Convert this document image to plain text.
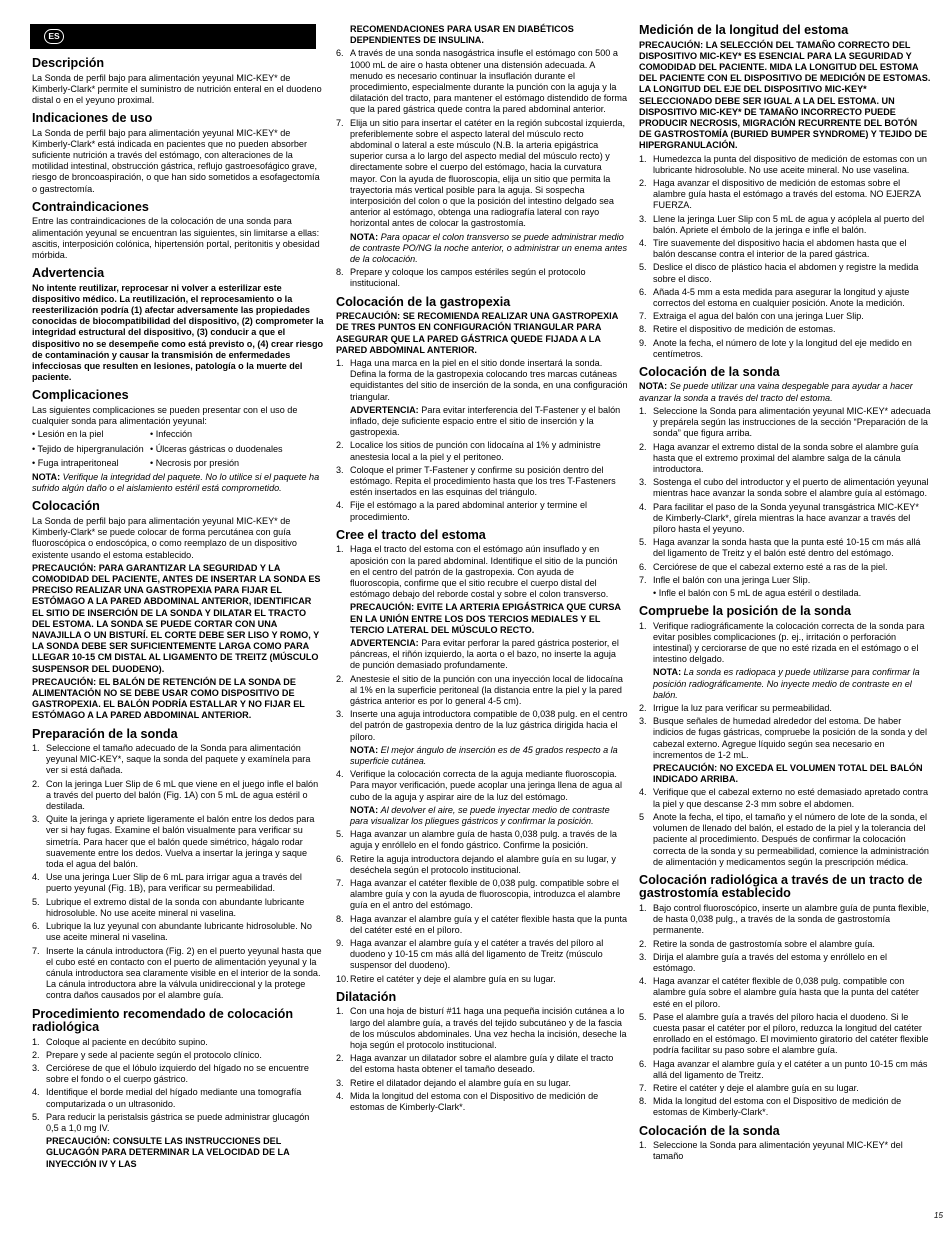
ES
Descripción

La Sonda de perfil bajo para alimentación yeyunal MIC-KEY* de Kimberly-Clark* permite el suministro de nutrición enteral en el duodeno distal o en el yeyuno proximal.

Indicaciones de uso

La Sonda de perfil bajo para alimentación yeyunal MIC-KEY* de Kimberly-Clark* está indicada en pacientes que no pueden absorber suficiente nutrición a través del estómago, con alteraciones de la motilidad intestinal, obstrucción gástrica, reflujo gastroesofágico grave, riesgo de broncoaspiración, o que han sido sometidos a esofagectomía o gastrectomía.

Contraindicaciones

Entre las contraindicaciones de la colocación de una sonda para alimentación yeyunal se encuentran las siguientes, sin limitarse a ellas: ascitis, interposición colónica, hipertensión portal, peritonitis y obesidad mórbida.

Advertencia

No intente reutilizar, reprocesar ni volver a esterilizar este dispositivo médico. La reutilización, el reprocesamiento o la reesterilización podría (1) afectar adversamente las propiedades conocidas de biocompatibilidad del dispositivo, (2) comprometer la integridad estructural del dispositivo, (3) conducir a que el dispositivo no se desempeñe como está previsto o, (4) crear riesgo de contaminación y causar la transmisión de enfermedades infecciosas que resulten en lesiones, patología o la muerte del paciente.

Complicaciones

Las siguientes complicaciones se pueden presentar con el uso de cualquier sonda para alimentación yeyunal:

• Lesión en la piel	• Infección
• Tejido de hipergranulación	• Úlceras gástricas o duodenales
• Fuga intraperitoneal	• Necrosis por presión

NOTA: Verifique la integridad del paquete. No lo utilice si el paquete ha sufrido algún daño o el aislamiento estéril está comprometido.

Colocación

La Sonda de perfil bajo para alimentación yeyunal MIC-KEY* de Kimberly-Clark* se puede colocar de forma percutánea con guía fluoroscópica o endoscópica, o como reemplazo de un dispositivo existente usando el estoma establecido.

PRECAUCIÓN: PARA GARANTIZAR LA SEGURIDAD Y LA COMODIDAD DEL PACIENTE, ANTES DE INSERTAR LA SONDA ES PRECISO REALIZAR UNA GASTROPEXIA PARA FIJAR EL ESTÓMAGO A LA PARED ABDOMINAL ANTERIOR, IDENTIFICAR EL SITIO DE INSERCIÓN DE LA SONDA Y DILATAR EL TRACTO DEL ESTOMA. LA SONDA SE PUEDE CORTAR CON UNA NAVAJILLA O UN BISTURÍ. EL CORTE DEBE SER LISO Y ROMO, Y LA SONDA DEBE SER SUFICIENTEMENTE LARGA COMO PARA LLEGAR 10-15 CM DISTAL AL LIGAMENTO DE TREITZ (MÚSCULO SUSPENSOR DEL DUODENO).

PRECAUCIÓN: EL BALÓN DE RETENCIÓN DE LA SONDA DE ALIMENTACIÓN NO SE DEBE USAR COMO DISPOSITIVO DE GASTROPEXIA. EL BALÓN PODRÍA ESTALLAR Y NO FIJAR EL ESTÓMAGO A LA PARED ABDOMINAL ANTERIOR.

Preparación de la sonda
1. Seleccione el tamaño adecuado de la Sonda para alimentación yeyunal MIC-KEY*, saque la sonda del paquete y examínela para ver si está dañada.
2. Con la jeringa Luer Slip de 6 mL que viene en el juego infle el balón a través del puerto del balón (Fig. 1A) con 5 mL de agua estéril o destilada.
3. Quite la jeringa y apriete ligeramente el balón entre los dedos para ver si hay fugas. Examine el balón visualmente para verificar su simetría. Para hacer que el balón quede simétrico, hágalo rodar suavemente entre los dedos. Vuelva a insertar la jeringa y saque toda el agua del balón.
4. Use una jeringa Luer Slip de 6 mL para irrigar agua a través del puerto yeyunal (Fig. 1B), para verificar su permeabilidad.
5. Lubrique el extremo distal de la sonda con abundante lubricante hidrosoluble. No use aceite mineral ni vaselina.
6. Lubrique la luz yeyunal con abundante lubricante hidrosoluble. No use aceite mineral ni vaselina.
7. Inserte la cánula introductora (Fig. 2) en el puerto yeyunal hasta que el cubo esté en contacto con el puerto de alimentación yeyunal y la cánula introductora sea claramente visible en el interior de la sonda. La cánula introductora abre la válvula unidireccional y la protege contra daños causados por el alambre guía.
Procedimiento recomendado de colocación radiológica
1. Coloque al paciente en decúbito supino.
2. Prepare y sede al paciente según el protocolo clínico.
3. Cerciórese de que el lóbulo izquierdo del hígado no se encuentre sobre el fondo o el cuerpo gástrico.
4. Identifique el borde medial del hígado mediante una tomografía computarizada o un ultrasonido.
5. Para reducir la peristalsis gástrica se puede administrar glucagón 0,5 a 1,0 mg IV.

PRECAUCIÓN: CONSULTE LAS INSTRUCCIONES DEL GLUCAGÓN PARA DETERMINAR LA VELOCIDAD DE LA INYECCIÓN IV Y LAS

RECOMENDACIONES PARA USAR EN DIABÉTICOS DEPENDIENTES DE INSULINA.

6. A través de una sonda nasogástrica insufle el estómago con 500 a 1000 mL de aire o hasta obtener una distensión adecuada. A menudo es necesario continuar la insuflación durante el procedimiento, especialmente durante la punción con la aguja y la dilatación del tracto, para mantener el estómago distendido de forma que la pared gástrica quede contra la pared abdominal anterior.
7. Elija un sitio para insertar el catéter en la región subcostal izquierda, preferiblemente sobre el aspecto lateral del músculo recto abdominal o lateral a este músculo (N.B. la arteria epigástrica superior cursa a lo largo del aspecto medial del músculo recto) y directamente sobre el cuerpo del estómago, hacia la curvatura mayor. Con la ayuda de fluoroscopia, elija un sitio que permita la trayectoria más vertical posible para la aguja. Si sospecha interposición del colon o que la posición del intestino delgado sea anterior al estómago, obtenga una radiografía lateral con rayo horizontal antes de colocar la gastrostomía.

NOTA: Para opacar el colon transverso se puede administrar medio de contraste PO/NG la noche anterior, o administrar un enema antes de la colocación.

8. Prepare y coloque los campos estériles según el protocolo institucional.
Colocación de la gastropexia

PRECAUCIÓN: SE RECOMIENDA REALIZAR UNA GASTROPEXIA DE TRES PUNTOS EN CONFIGURACIÓN TRIANGULAR PARA ASEGURAR QUE LA PARED GÁSTRICA QUEDE FIJADA A LA PARED ABDOMINAL ANTERIOR.

1. Haga una marca en la piel en el sitio donde insertará la sonda. Defina la forma de la gastropexia colocando tres marcas cutáneas equidistantes del sitio de inserción de la sonda, en una configuración triangular.

ADVERTENCIA: Para evitar interferencia del T-Fastener y el balón inflado, deje suficiente espacio entre el sitio de inserción y la gastropexia.

2. Localice los sitios de punción con lidocaína al 1% y administre anestesia local a la piel y el peritoneo.
3. Coloque el primer T-Fastener y confirme su posición dentro del estómago. Repita el procedimiento hasta que los tres T-Fasteners estén insertados en las esquinas del triángulo.
4. Fije el estómago a la pared abdominal anterior y termine el procedimiento.
Cree el tracto del estoma
1. Haga el tracto del estoma con el estómago aún insuflado y en aposición con la pared abdominal. Identifique el sitio de la punción en el centro del patrón de la gastropexia. Con ayuda de fluoroscopia, confirme que el sitio recubre el cuerpo distal del estómago debajo del reborde costal y sobre el colon transverso.

PRECAUCIÓN: EVITE LA ARTERIA EPIGÁSTRICA QUE CURSA EN LA UNIÓN ENTRE LOS DOS TERCIOS MEDIALES Y EL TERCIO LATERAL DEL MÚSCULO RECTO.

ADVERTENCIA: Para evitar perforar la pared gástrica posterior, el páncreas, el riñón izquierdo, la aorta o el bazo, no inserte la aguja de punción demasiado profundamente.

2. Anestesie el sitio de la punción con una inyección local de lidocaína al 1% en la superficie peritoneal (la distancia entre la piel y la pared gástrica anterior es por lo general 4-5 cm).
3. Inserte una aguja introductora compatible de 0,038 pulg. en el centro del patrón de gastropexia dentro de la luz gástrica dirigida hacia el píloro.

NOTA: El mejor ángulo de inserción es de 45 grados respecto a la superficie cutánea.

4. Verifique la colocación correcta de la aguja mediante fluoroscopia. Para mayor verificación, puede acoplar una jeringa llena de agua al cubo de la aguja y aspirar aire de la luz del estómago.

NOTA: Al devolver el aire, se puede inyectar medio de contraste para visualizar los pliegues gástricos y confirmar la posición.

5. Haga avanzar un alambre guía de hasta 0,038 pulg. a través de la aguja y enróllelo en el fondo gástrico. Confirme la posición.
6. Retire la aguja introductora dejando el alambre guía en su lugar, y deséchela según el protocolo institucional.
7. Haga avanzar el catéter flexible de 0,038 pulg. compatible sobre el alambre guía y con la ayuda de fluoroscopia, introduzca el alambre guía en el antro del estómago.
8. Haga avanzar el alambre guía y el catéter flexible hasta que la punta del catéter esté en el píloro.
9. Haga avanzar el alambre guía y el catéter a través del píloro al duodeno y 10-15 cm más allá del ligamento de Treitz (músculo suspensor del duodeno).
10. Retire el catéter y deje el alambre guía en su lugar.
Dilatación
1. Con una hoja de bisturí #11 haga una pequeña incisión cutánea a lo largo del alambre guía, a través del tejido subcutáneo y de la fascia de los músculos abdominales. Una vez hecha la incisión, deseche la hoja según el protocolo institucional.
2. Haga avanzar un dilatador sobre el alambre guía y dilate el tracto del estoma hasta obtener el tamaño deseado.
3. Retire el dilatador dejando el alambre guía en su lugar.
4. Mida la longitud del estoma con el Dispositivo de medición de estomas de Kimberly-Clark*.
Medición de la longitud del estoma

PRECAUCIÓN: LA SELECCIÓN DEL TAMAÑO CORRECTO DEL DISPOSITIVO MIC-KEY* ES ESENCIAL PARA LA SEGURIDAD Y COMODIDAD DEL PACIENTE. MIDA LA LONGITUD DEL ESTOMA DEL PACIENTE CON EL DISPOSITIVO DE MEDICIÓN DE ESTOMAS. LA LONGITUD DEL EJE DEL DISPOSITIVO MIC-KEY* SELECCIONADO DEBE SER IGUAL A LA DEL ESTOMA. UN DISPOSITIVO MIC-KEY* DE TAMAÑO INCORRECTO PUEDE PRODUCIR NECROSIS, MIGRACIÓN RECURRENTE DEL BOTÓN DE GASTROSTOMÍA (BURIED BUMPER SYNDROME) Y TEJIDO DE HIPERGRANULACIÓN.

1. Humedezca la punta del dispositivo de medición de estomas con un lubricante hidrosoluble. No use aceite mineral. No use vaselina.
2. Haga avanzar el dispositivo de medición de estomas sobre el alambre guía hasta el estómago a través del estoma. NO EJERZA FUERZA.
3. Llene la jeringa Luer Slip con 5 mL de agua y acóplela al puerto del balón. Apriete el émbolo de la jeringa e infle el balón.
4. Tire suavemente del dispositivo hacia el abdomen hasta que el balón descanse contra el interior de la pared gástrica.
5. Deslice el disco de plástico hacia el abdomen y registre la medida sobre el disco.
6. Añada 4-5 mm a esta medida para asegurar la longitud y ajuste correctos del estoma en cualquier posición. Anote la medición.
7. Extraiga el agua del balón con una jeringa Luer Slip.
8. Retire el dispositivo de medición de estomas.
9. Anote la fecha, el número de lote y la longitud del eje medido en centímetros.
Colocación de la sonda

NOTA: Se puede utilizar una vaina despegable para ayudar a hacer avanzar la sonda a través del tracto del estoma.

1. Seleccione la Sonda para alimentación yeyunal MIC-KEY* adecuada y prepárela según las instrucciones de la sección “Preparación de la sonda” que figura arriba.
2. Haga avanzar el extremo distal de la sonda sobre el alambre guía hasta que el extremo proximal del alambre salga de la cánula introductora.
3. Sostenga el cubo del introductor y el puerto de alimentación yeyunal mientras hace avanzar la sonda sobre el alambre guía al estómago.
4. Para facilitar el paso de la Sonda yeyunal transgástrica MIC-KEY* de Kimberly-Clark*, gírela mientras la hace avanzar a través del píloro hasta el yeyuno.
5. Haga avanzar la sonda hasta que la punta esté 10-15 cm más allá del ligamento de Treitz y el balón esté dentro del estómago.
6. Cerciórese de que el cabezal externo esté a ras de la piel.
7. Infle el balón con una jeringa Luer Slip.

• Infle el balón con 5 mL de agua estéril o destilada.

Compruebe la posición de la sonda
1. Verifique radiográficamente la colocación correcta de la sonda para evitar posibles complicaciones (p. ej., irritación o perforación intestinal) y cerciorarse de que no esté rizada en el estómago o el intestino delgado.

NOTA: La sonda es radiopaca y puede utilizarse para confirmar la posición radiográficamente. No inyecte medio de contraste en el balón.

2. Irrigue la luz para verificar su permeabilidad.
3. Busque señales de humedad alrededor del estoma. De haber indicios de fugas gástricas, compruebe la posición de la sonda y del cabezal externo. Agregue líquido según sea necesario en incrementos de 1-2 mL.

PRECAUCIÓN: NO EXCEDA EL VOLUMEN TOTAL DEL BALÓN INDICADO ARRIBA.

4. Verifique que el cabezal externo no esté demasiado apretado contra la piel y que descanse 2-3 mm sobre el abdomen.
5 Anote la fecha, el tipo, el tamaño y el número de lote de la sonda, el volumen de llenado del balón, el estado de la piel y la tolerancia del paciente al procedimiento. Después de confirmar la colocación correcta de la sonda y su permeabilidad, comience la administración de alimentación y medicamentos según la prescripción médica.
Colocación radiológica a través de un tracto de gastrostomía establecido
1. Bajo control fluoroscópico, inserte un alambre guía de punta flexible, de hasta 0,038 pulg., a través de la sonda de gastrostomía permanente.
2. Retire la sonda de gastrostomía sobre el alambre guía.
3. Dirija el alambre guía a través del estoma y enróllelo en el estómago.
4. Haga avanzar el catéter flexible de 0,038 pulg. compatible con alambre guía sobre el alambre guía hasta que la punta del catéter esté en el píloro.
5. Pase el alambre guía a través del píloro hacia el duodeno. Si le cuesta pasar el catéter por el píloro, reduzca la longitud del catéter enrollado en el estómago. El movimiento giratorio del catéter flexible podría facilitar su paso sobre el alambre guía.
6. Haga avanzar el alambre guía y el catéter a un punto 10-15 cm más allá del ligamento de Treitz.
7. Retire el catéter y deje el alambre guía en su lugar.
8. Mida la longitud del estoma con el Dispositivo de medición de estomas de Kimberly-Clark*.
Colocación de la sonda
1. Seleccione la Sonda para alimentación yeyunal MIC-KEY* del tamaño
15
